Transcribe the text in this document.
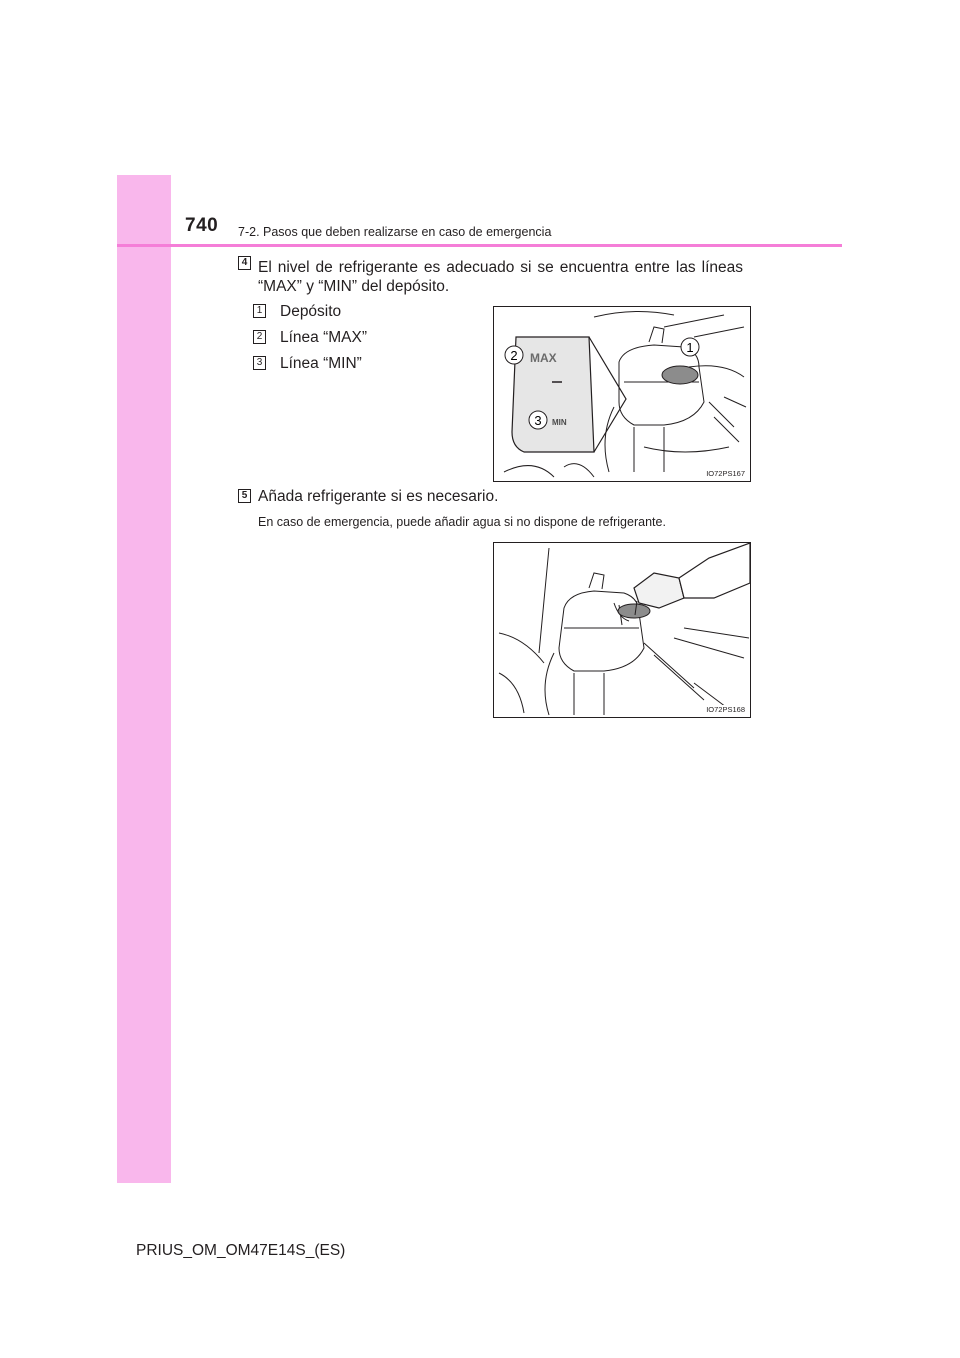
740 7-2. Pasos que deben realizarse en caso de emergencia
4 El nivel de refrigerante es adecuado si se encuentra entre las líneas
“MAX” y “MIN” del depósito.
1 Depósito
2 Línea “MAX”
3 Línea “MIN”	MAX
MIN
2
3
1
IO72PS167
5 Añada refrigerante si es necesario.
En caso de emergencia, puede añadir agua si no dispone de refrigerante.
IO72PS168
PRIUS_OM_OM47E14S_(ES)
